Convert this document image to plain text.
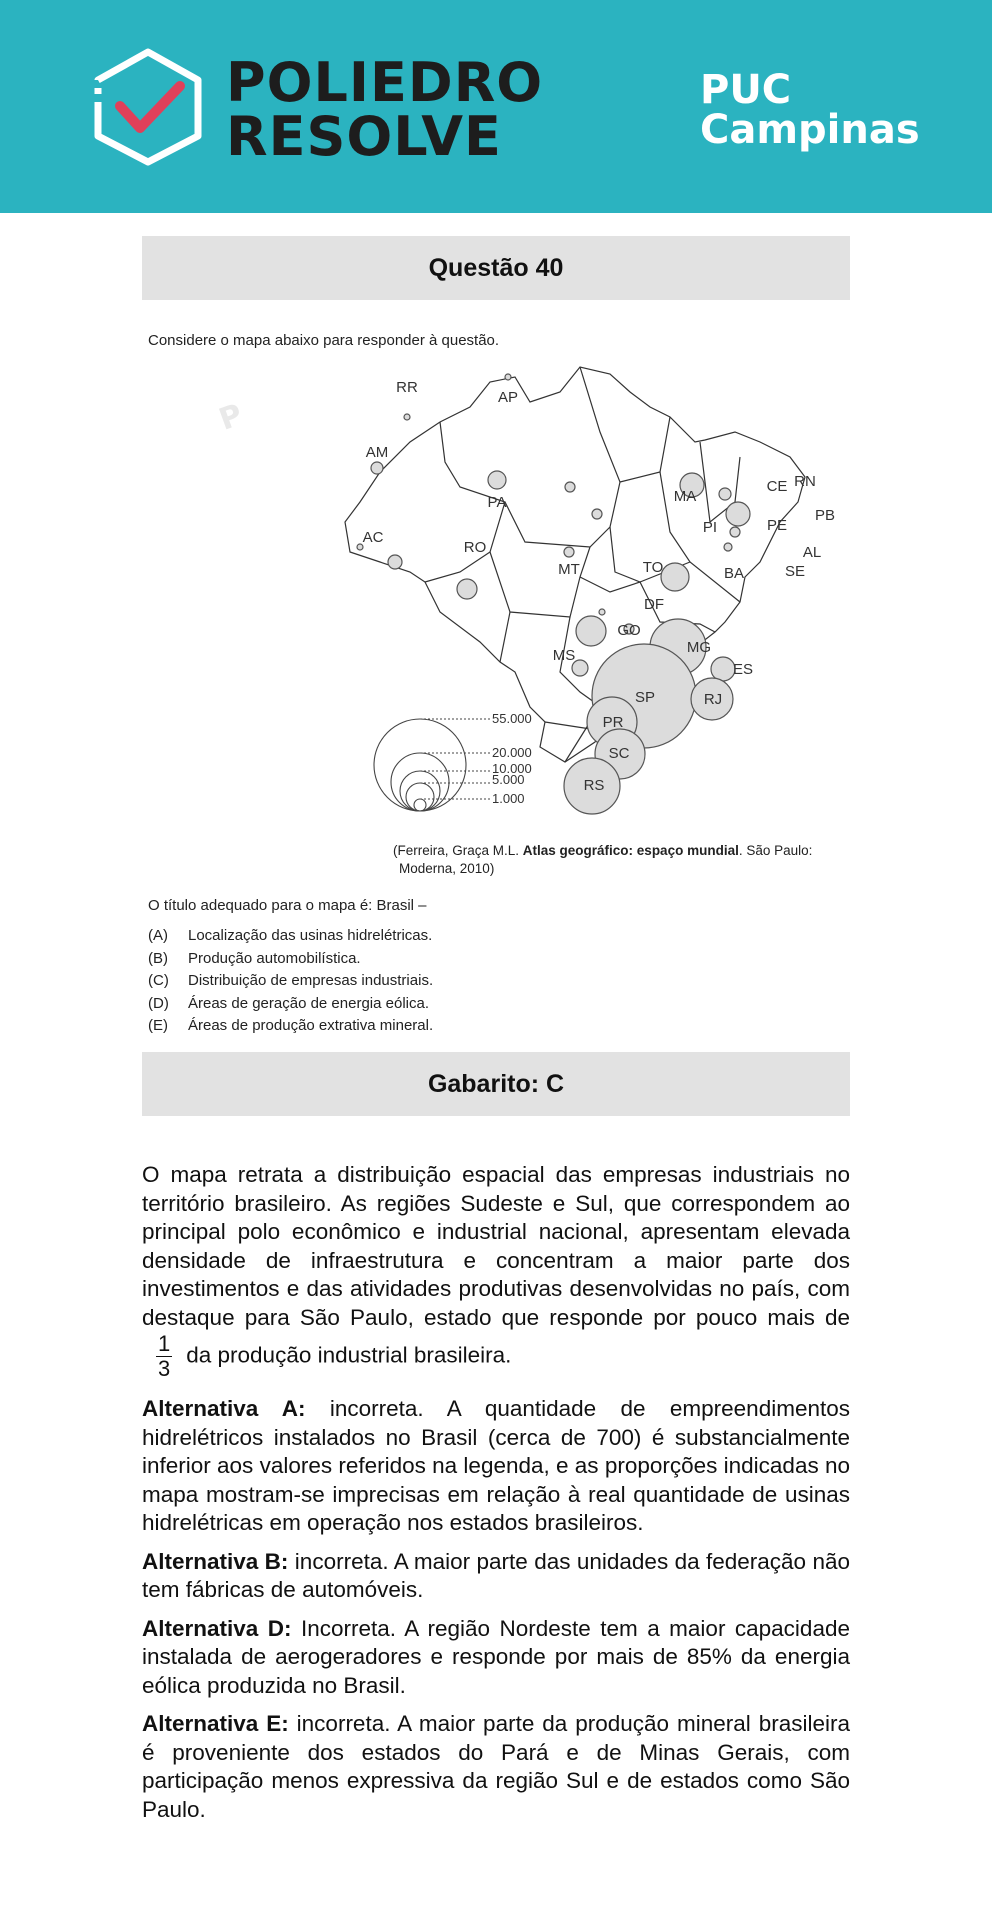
POLIEDRO
RESOLVE
PUC
Campinas
P
Questão 40
Considere o mapa abaixo para responder à questão.
RR
AP
AM
PA	MA
CE RN
PB
PE
AL
SE
PI
AC
RO
MT	TO	BA
DF
GO
MG
ES
MS
SP	RJ
PR
SC
RS
55.000
20.000
10.000
5.000
1.000
(Ferreira, Graça M.L. Atlas geográfico: espaço mundial. São Paulo:
Moderna, 2010)
O título adequado para o mapa é: Brasil –
(A) Localização das usinas hidrelétricas.
(B) Produção automobilística.
(C) Distribuição de empresas industriais.
(D) Áreas de geração de energia eólica.
(E) Áreas de produção extrativa mineral.
Gabarito: C

O mapa retrata a distribuição espacial das empresas industriais no território brasileiro. As regiões Sudeste e Sul, que correspondem ao principal polo econômico e industrial nacional, apresentam elevada densidade de infraestrutura e concentram a maior parte dos investimentos e das atividades produtivas desenvolvidas no país, com destaque para São Paulo, estado que responde por pouco mais de
$\frac{1}{3}$ da produção industrial brasileira.

Alternativa A: incorreta. A quantidade de empreendimentos hidrelétricos instalados no Brasil (cerca de 700) é substancialmente inferior aos valores referidos na legenda, e as proporções indicadas no mapa mostram-se imprecisas em relação à real quantidade de usinas hidrelétricas em operação nos estados brasileiros.

Alternativa B: incorreta. A maior parte das unidades da federação não tem fábricas de automóveis.

Alternativa D: Incorreta. A região Nordeste tem a maior capacidade instalada de aerogeradores e responde por mais de 85% da energia eólica produzida no Brasil.

Alternativa E: incorreta. A maior parte da produção mineral brasileira é proveniente dos estados do Pará e de Minas Gerais, com participação menos expressiva da região Sul e de estados como São Paulo.
